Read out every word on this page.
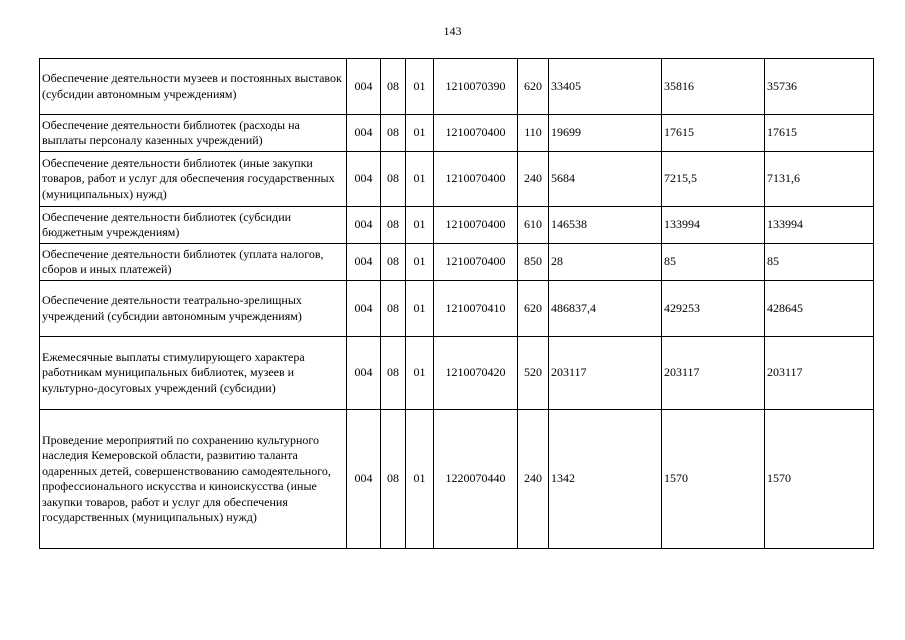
143
Обеспечение деятельности музеев и постоянных выставок (субсидии автономным учреждениям)	004	08	01	1210070390	620	33405	35816	35736
Обеспечение деятельности библиотек (расходы на выплаты персоналу казенных учреждений)	004	08	01	1210070400	110	19699	17615	17615
Обеспечение деятельности библиотек (иные закупки товаров, работ и услуг для обеспечения государственных (муниципальных) нужд)	004	08	01	1210070400	240	5684	7215,5	7131,6
Обеспечение деятельности библиотек (субсидии бюджетным учреждениям)	004	08	01	1210070400	610	146538	133994	133994
Обеспечение деятельности библиотек (уплата налогов, сборов и иных платежей)	004	08	01	1210070400	850	28	85	85
Обеспечение деятельности театрально-зрелищных учреждений (субсидии автономным учреждениям)	004	08	01	1210070410	620	486837,4	429253	428645
Ежемесячные выплаты стимулирующего характера работникам муниципальных библиотек, музеев и культурно-досуговых учреждений (субсидии)	004	08	01	1210070420	520	203117	203117	203117
Проведение мероприятий по сохранению культурного наследия Кемеровской области, развитию таланта одаренных детей, совершенствованию самодеятельного, профессионального искусства и киноискусства (иные закупки товаров, работ и услуг для обеспечения государственных (муниципальных) нужд)	004	08	01	1220070440	240	1342	1570	1570
